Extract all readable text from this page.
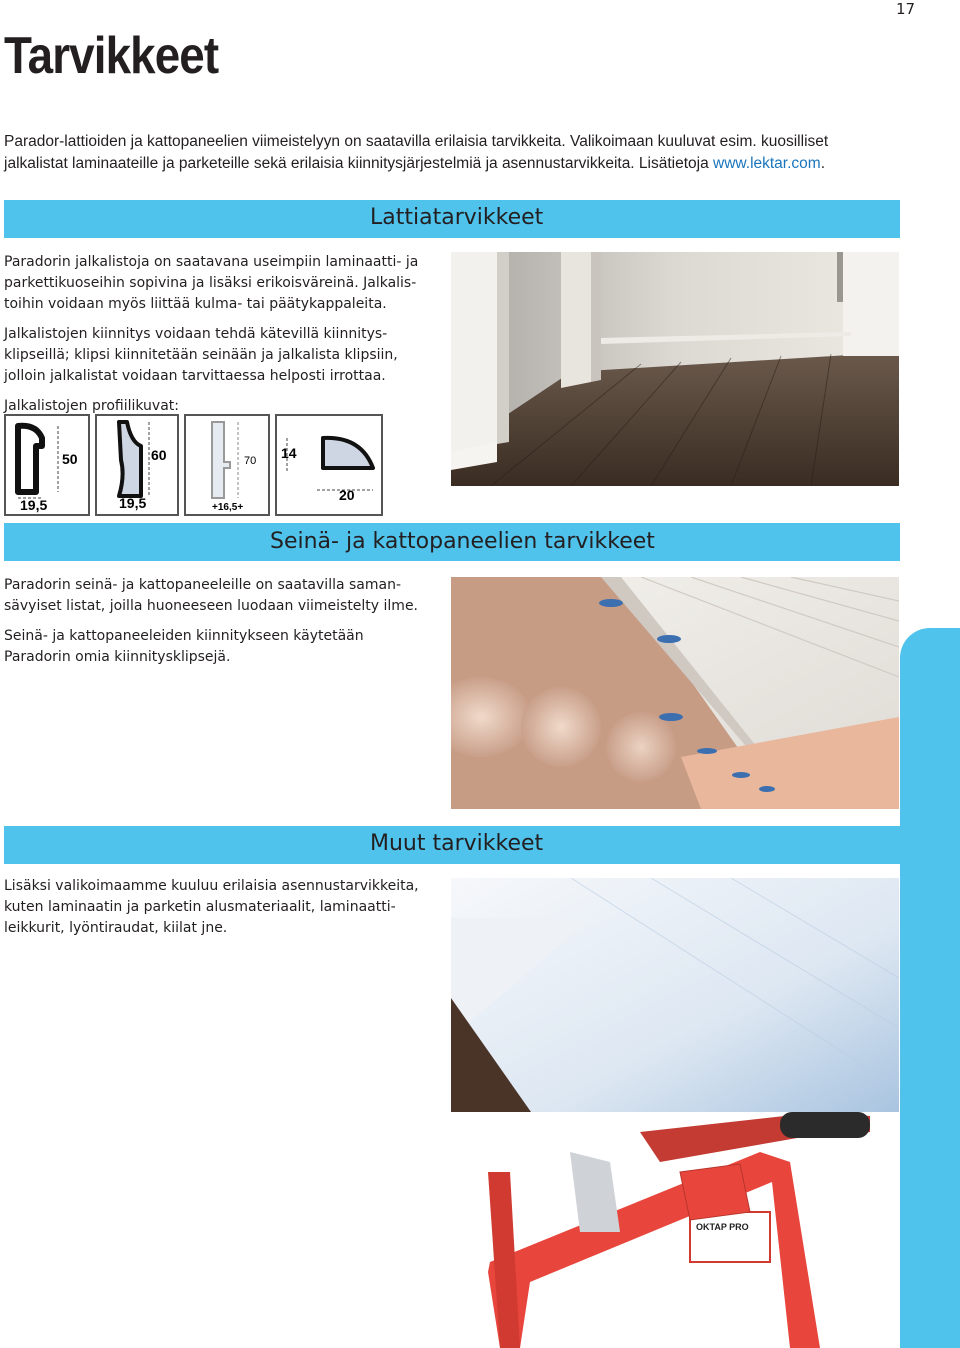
17
Tarvikkeet
Parador-lattioiden ja kattopaneelien viimeistelyyn on saatavilla erilaisia tarvikkeita. Valikoimaan kuuluvat esim. kuosilliset
jalkalistat laminaateille ja parketeille sekä erilaisia kiinnitysjärjestelmiä ja asennustarvikkeita. Lisätietoja www.lektar.com.
Lattiatarvikkeet

Paradorin jalkalistoja on saatavana useimpiin laminaatti- ja
parkettikuoseihin sopivina ja lisäksi erikoisväreinä. Jalkalis-
toihin voidaan myös liittää kulma- tai päätykappaleita.

Jalkalistojen kiinnitys voidaan tehdä kätevillä kiinnitys-
klipseillä; klipsi kiinnitetään seinään ja jalkalista klipsiin,
jolloin jalkalistat voidaan tarvittaessa helposti irrottaa.

Jalkalistojen profiilikuvat:

50
19,5
60
19,5
70
+16,5+
14
20
Seinä- ja kattopaneelien tarvikkeet

Paradorin seinä- ja kattopaneeleille on saatavilla saman-
sävyiset listat, joilla huoneeseen luodaan viimeistelty ilme.

Seinä- ja kattopaneeleiden kiinnitykseen käytetään
Paradorin omia kiinnitysklipsejä.

Muut tarvikkeet

Lisäksi valikoimaamme kuuluu erilaisia asennustarvikkeita,
kuten laminaatin ja parketin alusmateriaalit, laminaatti-
leikkurit, lyöntiraudat, kiilat jne.

OKTAP PRO
